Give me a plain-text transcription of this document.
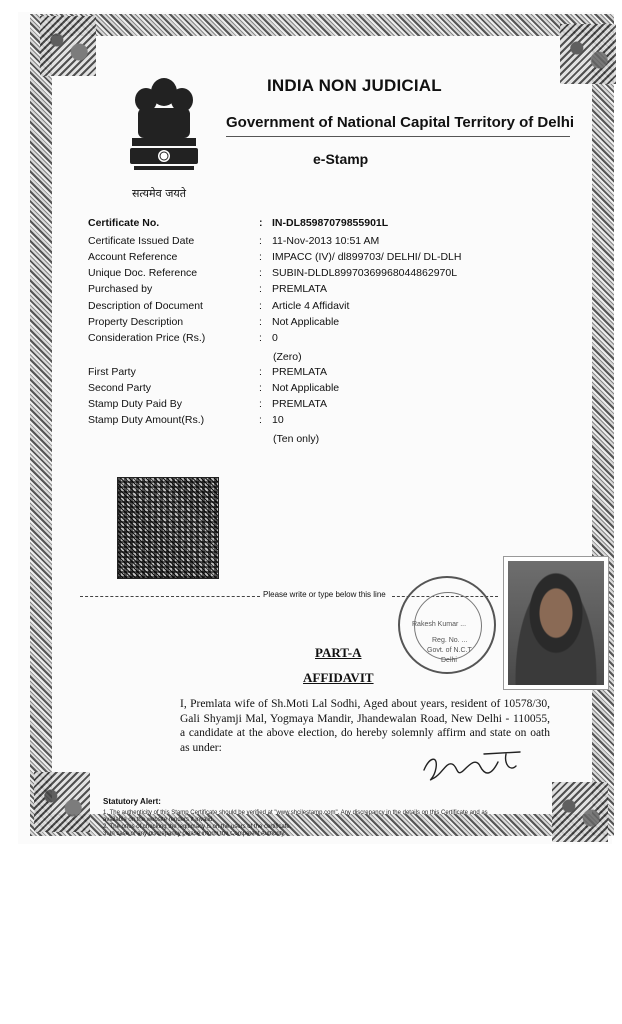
सत्यमेव जयते
INDIA NON JUDICIAL
Government of National Capital Territory of Delhi
e-Stamp
Certificate No.	: IN-DL85987079855901L
Certificate Issued Date	: 11-Nov-2013 10:51 AM
Account Reference	: IMPACC (IV)/ dl899703/ DELHI/ DL-DLH
Unique Doc. Reference	: SUBIN-DLDL89970369968044862970L
Purchased by	: PREMLATA
Description of Document	: Article 4 Affidavit
Property Description	: Not Applicable
Consideration Price (Rs.)	: 0
(Zero)
First Party	: PREMLATA
Second Party	: Not Applicable
Stamp Duty Paid By	: PREMLATA
Stamp Duty Amount(Rs.)	: 10
(Ten only)
Please write or type below this line
Rakesh Kumar ...
Reg. No. ...
Govt. of N.C.T
Delhi
PART-A
AFFIDAVIT
I, Premlata wife of Sh.Moti Lal Sodhi, Aged about years, resident of 10578/30, Gali Shyamji Mal, Yogmaya Mandir, Jhandewalan Road, New Delhi - 110055, a candidate at the above election, do hereby solemnly affirm and state on oath as under:
Statutory Alert:
1. The authenticity of this Stamp Certificate should be verified at "www.shcilestamp.com". Any discrepancy in the details on this Certificate and as
available on the website renders it invalid.
2. The onus of checking the legitimacy is on the users of the certificate.
3. In case of any discrepancy please inform the Competent Authority.
